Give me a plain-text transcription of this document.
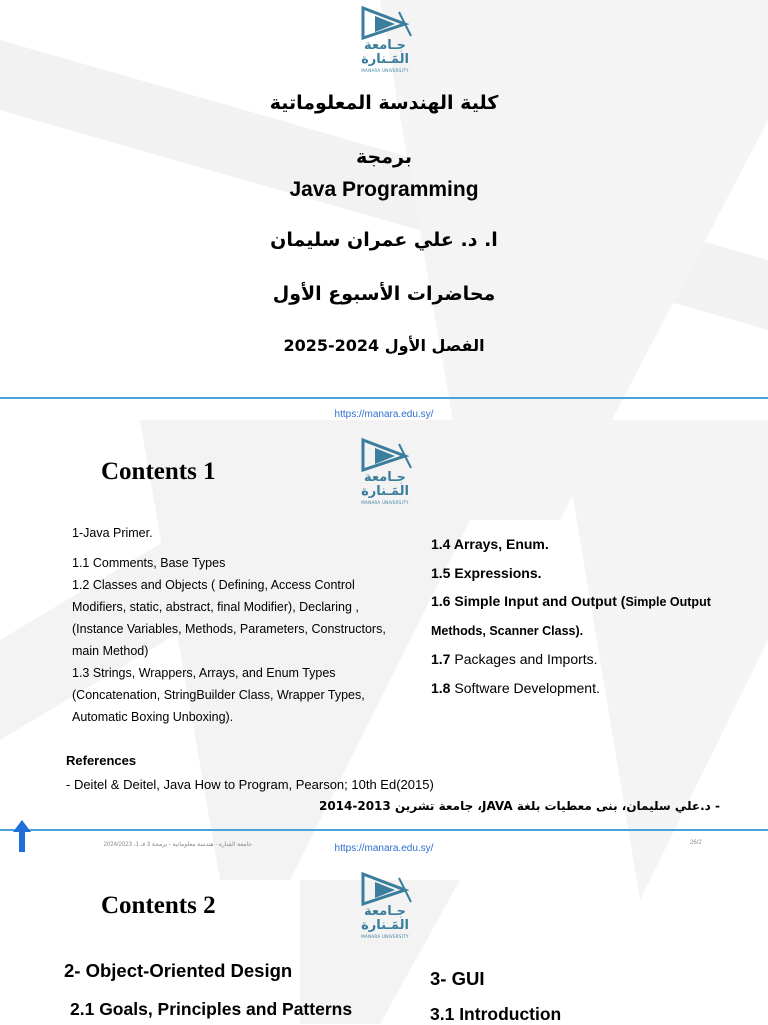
جـامعة
المَـنارة
MANARA UNIVERSITY
كلية الهندسة المعلوماتية
برمجة
Java Programming
ا. د. علي عمران سليمان
محاضرات الأسبوع الأول
الفصل الأول 2024-2025
https://manara.edu.sy/
Contents 1	جـامعة
المَـنارة
MANARA UNIVERSITY
1-Java Primer.
1.1 Comments, Base Types
1.2 Classes and Objects ( Defining, Access Control
Modifiers, static, abstract, final Modifier), Declaring ,
(Instance Variables, Methods, Parameters, Constructors,
main Method)
1.3 Strings, Wrappers, Arrays, and Enum Types
(Concatenation, StringBuilder Class, Wrapper Types,
Automatic Boxing Unboxing).
1.4 Arrays, Enum.
1.5 Expressions.
1.6 Simple Input and Output (Simple Output
Methods, Scanner Class).
1.7 Packages and Imports.
1.8 Software Development.
References
- Deitel & Deitel, Java How to Program, Pearson; 10th Ed(2015)
- د.علي سليمان، بنى معطيات بلغة JAVA، جامعة تشرين 2013-2014
جامعة المَنارة - هندسة معلوماتية - برمجة 3 فـ 1، 2024/2023	https://manara.edu.sy/	26/2
Contents 2	جـامعة
المَـنارة
MANARA UNIVERSITY
2- Object-Oriented Design
2.1 Goals, Principles and Patterns
3- GUI
3.1 Introduction
